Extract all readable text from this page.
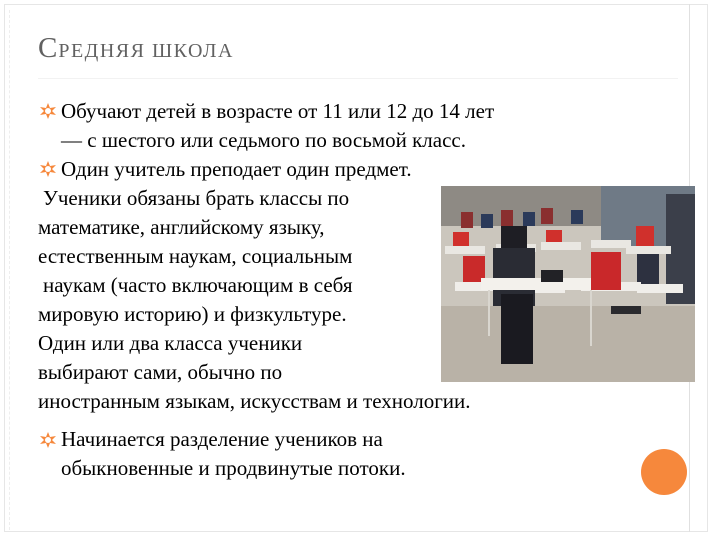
СРЕДНЯЯ ШКОЛА
Обучают детей в возрасте от 11 или 12 до 14 лет
— с шестого или седьмого по восьмой класс.
Один учитель преподает один предмет.
Ученики обязаны брать классы по
математике, английскому языку,
естественным наукам, социальным
наукам (часто включающим в себя
мировую историю) и физкультуре.
Один или два класса ученики
выбирают сами, обычно по
иностранным языкам, искусствам и технологии.
Начинается разделение учеников на
обыкновенные и продвинутые потоки.
